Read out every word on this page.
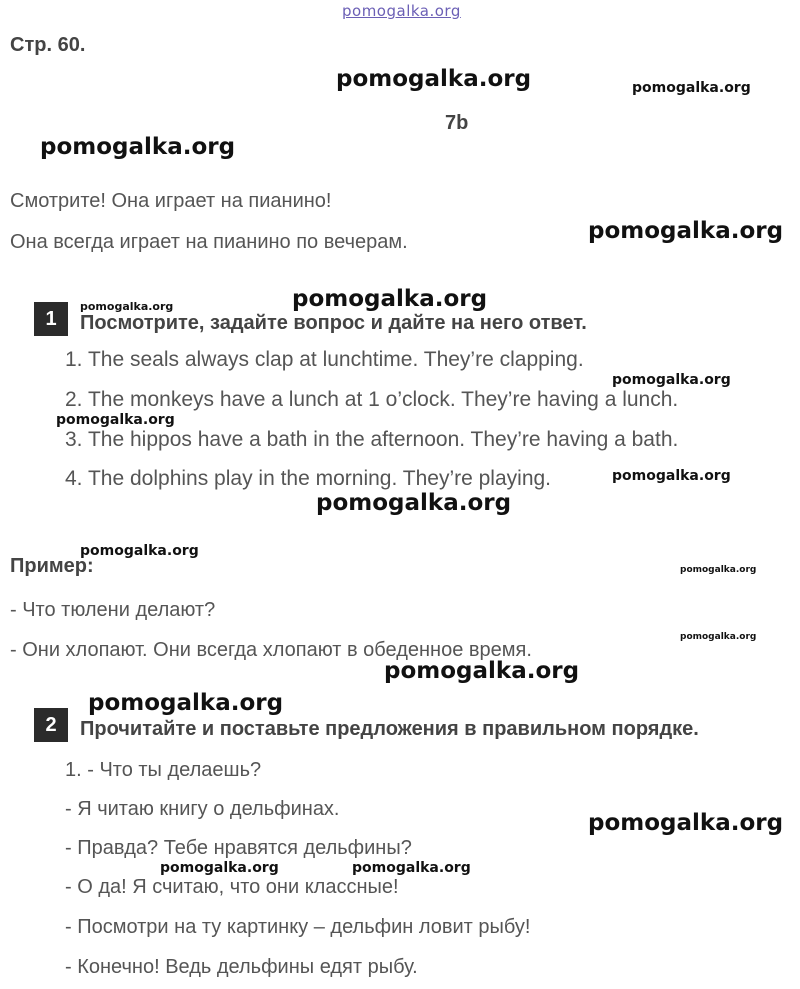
pomogalka.org
Стр. 60.
7b
Смотрите! Она играет на пианино!
Она всегда играет на пианино по вечерам.
1	Посмотрите, задайте вопрос и дайте на него ответ.
1. The seals always clap at lunchtime. They’re clapping.
2. The monkeys have a lunch at 1 o’clock. They’re having a lunch.
3. The hippos have a bath in the afternoon. They’re having a bath.
4. The dolphins play in the morning. They’re playing.
Пример:
- Что тюлени делают?
- Они хлопают. Они всегда хлопают в обеденное время.
2	Прочитайте и поставьте предложения в правильном порядке.
1. - Что ты делаешь?
- Я читаю книгу о дельфинах.
- Правда? Тебе нравятся дельфины?
- О да! Я считаю, что они классные!
- Посмотри на ту картинку – дельфин ловит рыбу!
- Конечно! Ведь дельфины едят рыбу.
pomogalka.org	pomogalka.org
pomogalka.org
pomogalka.org
pomogalka.org
pomogalka.org
pomogalka.org
pomogalka.org
pomogalka.org
pomogalka.org
pomogalka.org
pomogalka.org
pomogalka.org
pomogalka.org
pomogalka.org
pomogalka.org
pomogalka.org	pomogalka.org
